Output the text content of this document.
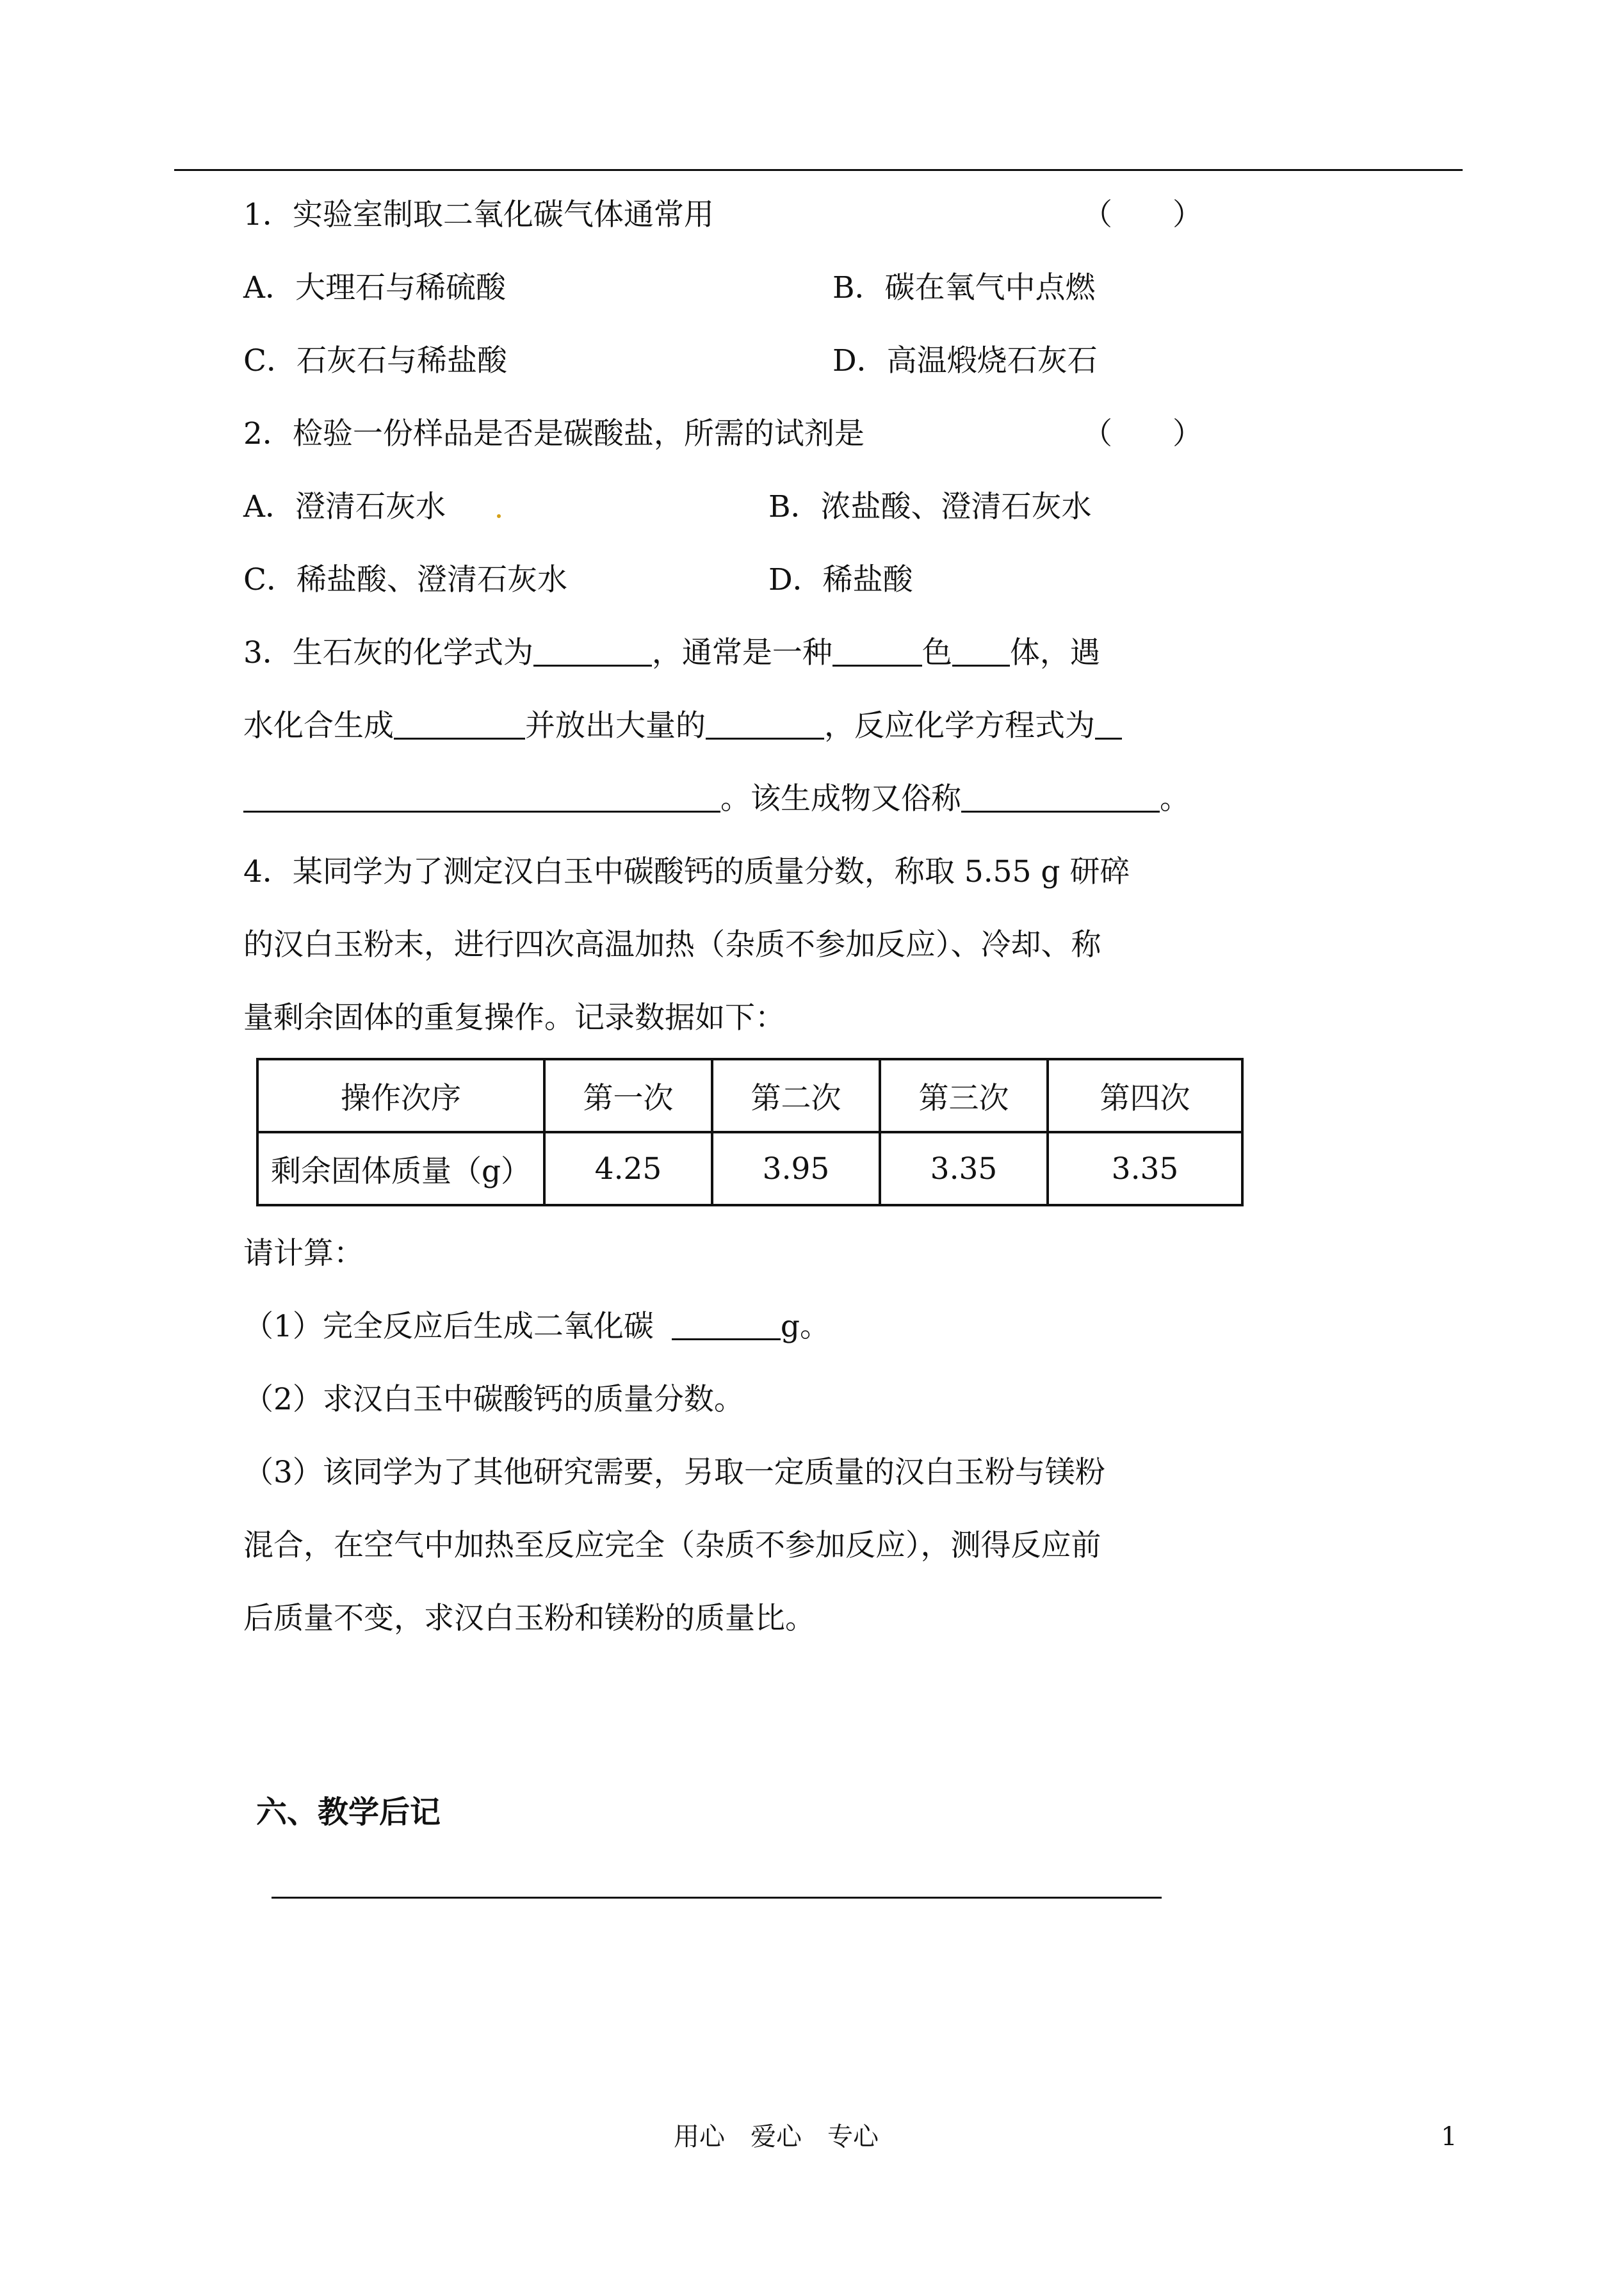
1．实验室制取二氧化碳气体通常用	（　　）
A．大理石与稀硫酸	B．碳在氧气中点燃
C．石灰石与稀盐酸	D．高温煅烧石灰石
2．检验一份样品是否是碳酸盐，所需的试剂是	（　　）
A．澄清石灰水	B．浓盐酸、澄清石灰水
C．稀盐酸、澄清石灰水	D．稀盐酸
3．生石灰的化学式为	，通常是一种	色 体，遇
水化合生成	并放出大量的	，反应化学方程式为
。该生成物又俗称	。
4．某同学为了测定汉白玉中碳酸钙的质量分数，称取 5.55 g 研碎
的汉白玉粉末，进行四次高温加热（杂质不参加反应）、冷却、称
量剩余固体的重复操作。记录数据如下：
操作次序	第一次	第二次	第三次	第四次
剩余固体质量（g）	4.25	3.95	3.35	3.35
请计算：
（1）完全反应后生成二氧化碳	g。
（2）求汉白玉中碳酸钙的质量分数。
（3）该同学为了其他研究需要，另取一定质量的汉白玉粉与镁粉
混合，在空气中加热至反应完全（杂质不参加反应），测得反应前
后质量不变，求汉白玉粉和镁粉的质量比。
六、教学后记
用心　爱心　专心	1
